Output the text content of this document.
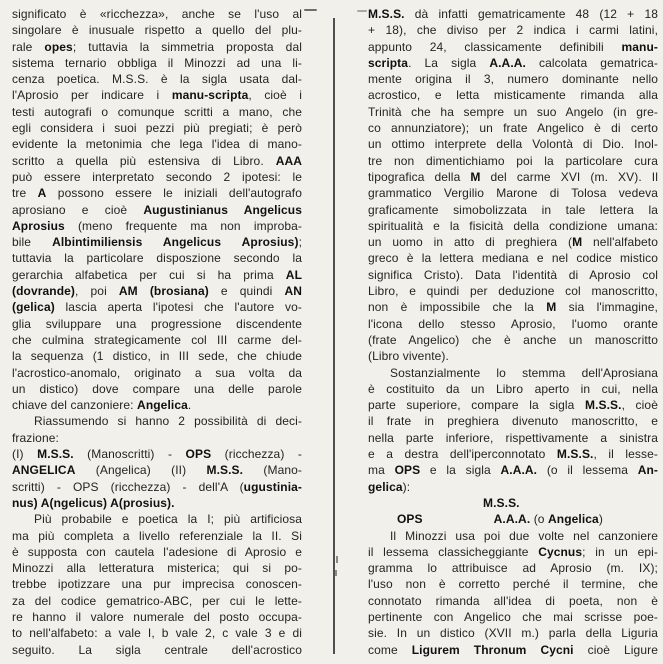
significato è «ricchezza», anche se l'uso al
singolare è inusuale rispetto a quello del plu-
rale opes; tuttavia la simmetria proposta dal
sistema ternario obbliga il Minozzi ad una li-
cenza poetica. M.S.S. è la sigla usata dal-
l'Aprosio per indicare i manu-scripta, cioè i
testi autografi o comunque scritti a mano, che
egli considera i suoi pezzi più pregiati; è però
evidente la metonimia che lega l'idea di mano-
scritto a quella più estensiva di Libro. AAA
può essere interpretato secondo 2 ipotesi: le
tre A possono essere le iniziali dell'autografo
aprosiano e cioè Augustinianus Angelicus
Aprosius (meno frequente ma non improba-
bile Albintimiliensis Angelicus Aprosius);
tuttavia la particolare disposzione secondo la
gerarchia alfabetica per cui si ha prima AL
(dovrande), poi AM (brosiana) e quindi AN
(gelica) lascia aperta l'ipotesi che l'autore vo-
glia sviluppare una progressione discendente
che culmina strategicamente col III carme del-
la sequenza (1 distico, in III sede, che chiude
l'acrostico-anomalo, originato a sua volta da
un distico) dove compare una delle parole
chiave del canzoniere: Angelica.
Riassumendo si hanno 2 possibilità di deci-
frazione:
(I) M.S.S. (Manoscritti) - OPS (ricchezza) -
ANGELICA (Angelica) (II) M.S.S. (Mano-
scritti) - OPS (ricchezza) - dell'A (ugustinia-
nus) A(ngelicus) A(prosius).
Più probabile e poetica la I; più artificiosa
ma più completa a livello referenziale la II. Si
è supposta con cautela l'adesione di Aprosio e
Minozzi alla letteratura misterica; qui si po-
trebbe ipotizzare una pur imprecisa conoscen-
za del codice gematrico-ABC, per cui le lette-
re hanno il valore numerale del posto occupa-
to nell'alfabeto: a vale I, b vale 2, c vale 3 e di
seguito. La sigla centrale dell'acrostico
M.S.S. dà infatti gematricamente 48 (12 + 18
+ 18), che diviso per 2 indica i carmi latini,
appunto 24, classicamente definibili manu-
scripta. La sigla A.A.A. calcolata gematrica-
mente origina il 3, numero dominante nello
acrostico, e letta misticamente rimanda alla
Trinità che ha sempre un suo Angelo (in gre-
co annunziatore); un frate Angelico è di certo
un ottimo interprete della Volontà di Dio. Inol-
tre non dimentichiamo poi la particolare cura
tipografica della M del carme XVI (m. XV). Il
grammatico Vergilio Marone di Tolosa vedeva
graficamente simobolizzata in tale lettera la
spiritualità e la fisicità della condizione umana:
un uomo in atto di preghiera (M nell'alfabeto
greco è la lettera mediana e nel codice mistico
significa Cristo). Data l'identità di Aprosio col
Libro, e quindi per deduzione col manoscritto,
non è impossibile che la M sia l'immagine,
l'icona dello stesso Aprosio, l'uomo orante
(frate Angelico) che è anche un manoscritto
(Libro vivente).
Sostanzialmente lo stemma dell'Aprosiana
è costituito da un Libro aperto in cui, nella
parte superiore, compare la sigla M.S.S., cioè
il frate in preghiera divenuto manoscritto, e
nella parte inferiore, rispettivamente a sinistra
e a destra dell'iperconnotato M.S.S., il lesse-
ma OPS e la sigla A.A.A. (o il lessema An-
gelica):
M.S.S.
OPS	A.A.A. (o Angelica)
Il Minozzi usa poi due volte nel canzoniere
il lessema classicheggiante Cycnus; in un epi-
gramma lo attribuisce ad Aprosio (m. IX);
l'uso non è corretto perché il termine, che
connotato rimanda all'idea di poeta, non è
pertinente con Angelico che mai scrisse poe-
sie. In un distico (XVII m.) parla della Liguria
come Ligurem Thronum Cycni cioè Ligure
